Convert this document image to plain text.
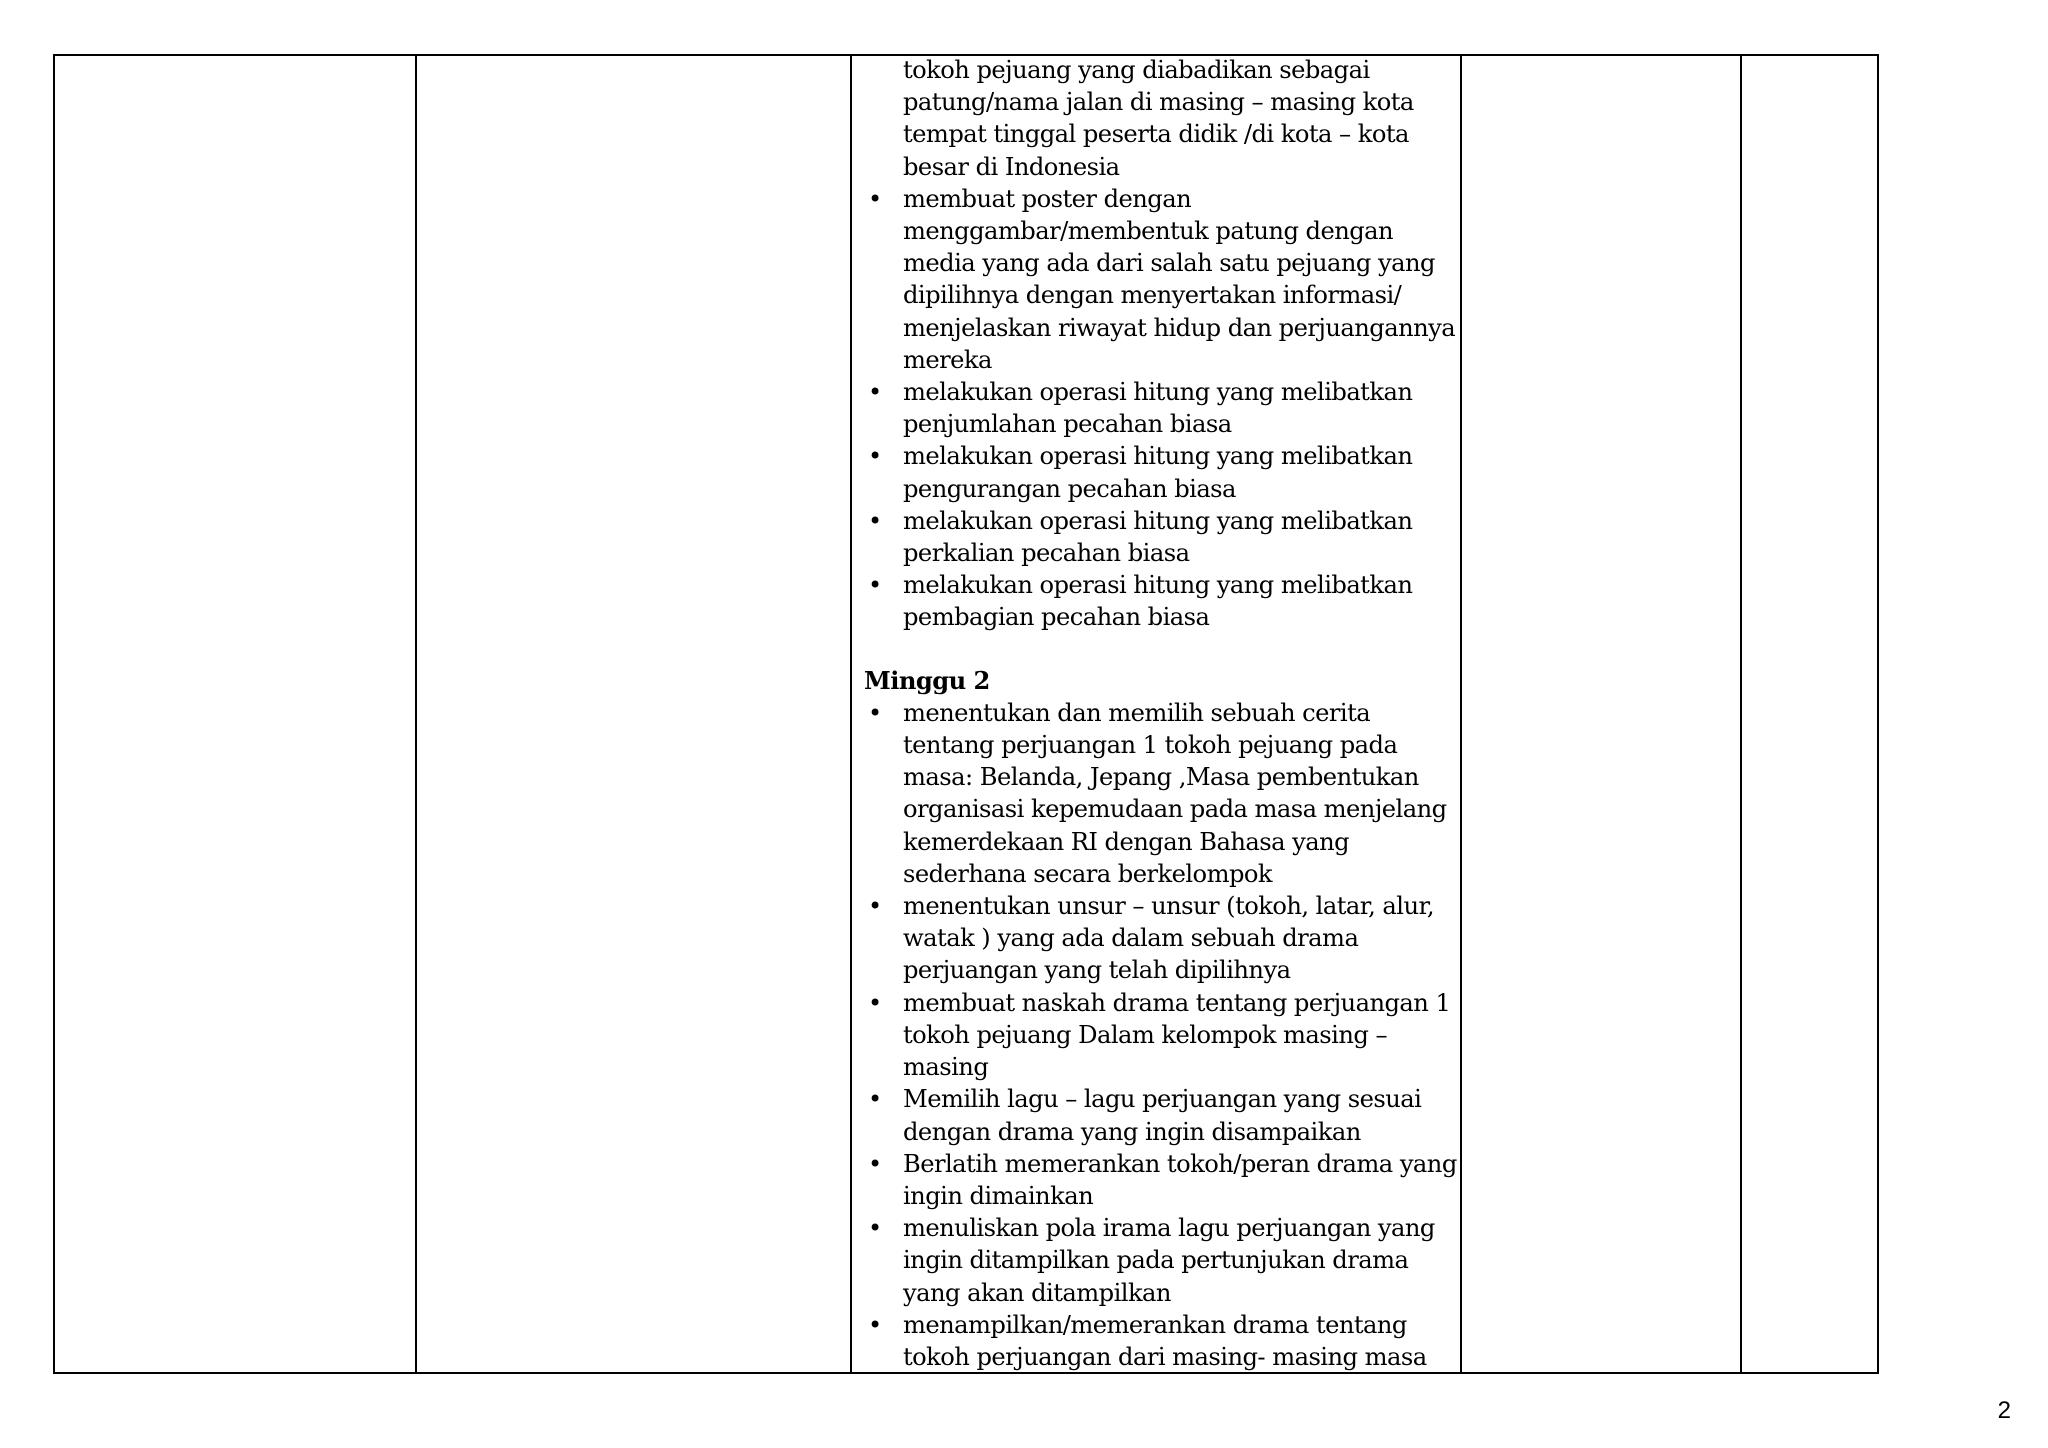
tokoh pejuang yang diabadikan sebagai patung/nama jalan di masing – masing kota tempat tinggal peserta didik /di kota – kota besar di Indonesia
• membuat poster dengan menggambar/membentuk patung dengan media yang ada dari salah satu pejuang yang dipilihnya dengan menyertakan informasi/ menjelaskan riwayat hidup dan perjuangannya mereka
• melakukan operasi hitung yang melibatkan penjumlahan pecahan biasa
• melakukan operasi hitung yang melibatkan pengurangan pecahan biasa
• melakukan operasi hitung yang melibatkan perkalian pecahan biasa
• melakukan operasi hitung yang melibatkan pembagian pecahan biasa
Minggu 2
• menentukan dan memilih sebuah cerita tentang perjuangan 1 tokoh pejuang pada masa: Belanda, Jepang ,Masa pembentukan organisasi kepemudaan pada masa menjelang kemerdekaan RI dengan Bahasa yang sederhana secara berkelompok
• menentukan unsur – unsur (tokoh, latar, alur, watak ) yang ada dalam sebuah drama perjuangan yang telah dipilihnya
• membuat naskah drama tentang perjuangan 1 tokoh pejuang Dalam kelompok masing – masing
• Memilih lagu – lagu perjuangan yang sesuai dengan drama yang ingin disampaikan
• Berlatih memerankan tokoh/peran drama yang ingin dimainkan
• menuliskan pola irama lagu perjuangan yang ingin ditampilkan pada pertunjukan drama yang akan ditampilkan
• menampilkan/memerankan drama tentang tokoh perjuangan dari masing- masing masa
2
